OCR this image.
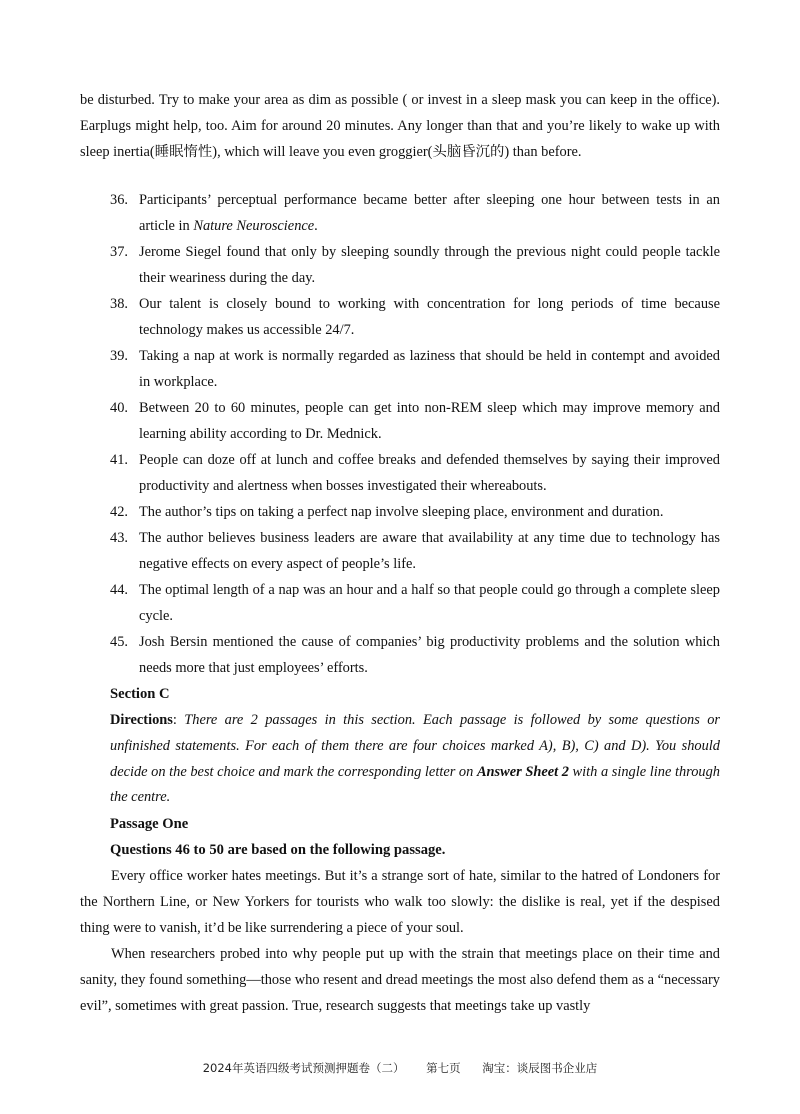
be disturbed. Try to make your area as dim as possible ( or invest in a sleep mask you can keep in the office). Earplugs might help, too. Aim for around 20 minutes. Any longer than that and you’re likely to wake up with sleep inertia(睡眠惰性), which will leave you even groggier(头脑昏沉的) than before.
36. Participants’ perceptual performance became better after sleeping one hour between tests in an article in Nature Neuroscience.
37. Jerome Siegel found that only by sleeping soundly through the previous night could people tackle their weariness during the day.
38. Our talent is closely bound to working with concentration for long periods of time because technology makes us accessible 24/7.
39. Taking a nap at work is normally regarded as laziness that should be held in contempt and avoided in workplace.
40. Between 20 to 60 minutes, people can get into non-REM sleep which may improve memory and learning ability according to Dr. Mednick.
41. People can doze off at lunch and coffee breaks and defended themselves by saying their improved productivity and alertness when bosses investigated their whereabouts.
42. The author’s tips on taking a perfect nap involve sleeping place, environment and duration.
43. The author believes business leaders are aware that availability at any time due to technology has negative effects on every aspect of people’s life.
44. The optimal length of a nap was an hour and a half so that people could go through a complete sleep cycle.
45. Josh Bersin mentioned the cause of companies’ big productivity problems and the solution which needs more that just employees’ efforts.
Section C
Directions: There are 2 passages in this section. Each passage is followed by some questions or unfinished statements. For each of them there are four choices marked A), B), C) and D). You should decide on the best choice and mark the corresponding letter on Answer Sheet 2 with a single line through the centre.
Passage One
Questions 46 to 50 are based on the following passage.
Every office worker hates meetings. But it’s a strange sort of hate, similar to the hatred of Londoners for the Northern Line, or New Yorkers for tourists who walk too slowly: the dislike is real, yet if the despised thing were to vanish, it’d be like surrendering a piece of your soul.
When researchers probed into why people put up with the strain that meetings place on their time and sanity, they found something—those who resent and dread meetings the most also defend them as a “necessary evil”, sometimes with great passion. True, research suggests that meetings take up vastly
2024年英语四级考试预测押题卷（二） 第七页 淘宝：谈辰图书企业店
